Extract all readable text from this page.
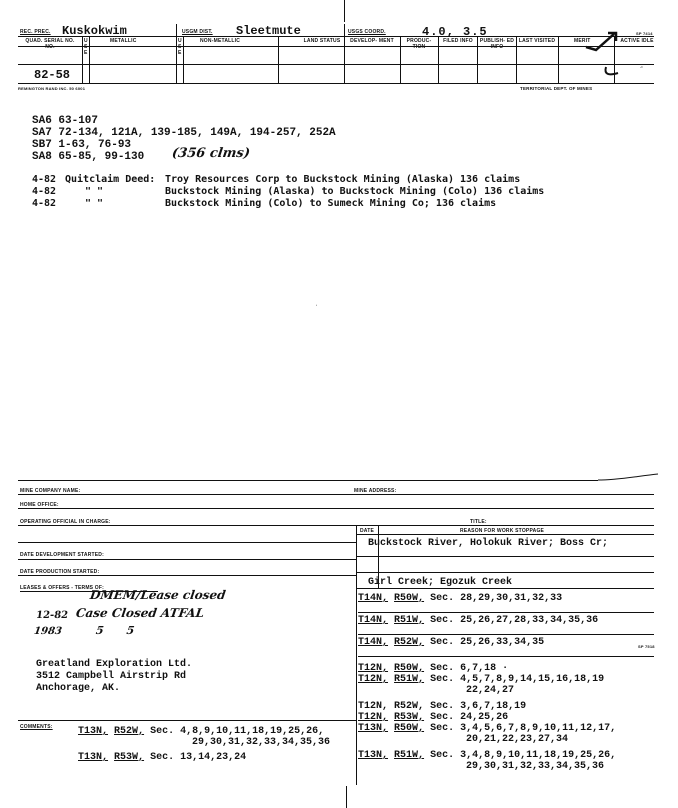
REC. PREC. Kuskokwim	USGM DIST. Sleetmute	USGS COORD.	4.0, 3.5	SP 7414
QUAD. SERIAL NO. NO.
U S E
METALLIC	U S E
NON-METALLIC	LAND STATUS	DEVELOP- MENT	PRODUC- TION
FILED INFO	PUBLISH- ED INFO
LAST VISITED	MERIT	ACTIVE IDLE
.•
82-58
REMINGTON RAND INC. 50 6001	TERRITORIAL DEPT. OF MINES
SA6 63-107
SA7 72-134, 121A, 139-185, 149A, 194-257, 252A
SB7 1-63, 76-93
SA8 65-85, 99-130	(356 clms)
4-82 Quitclaim Deed: Troy Resources Corp to Buckstock Mining (Alaska) 136 claims
4-82	" "	Buckstock Mining (Alaska) to Buckstock Mining (Colo) 136 claims
4-82	" "	Buckstock Mining (Colo) to Sumeck Mining Co; 136 claims
•
MINE COMPANY NAME:	MINE ADDRESS:
HOME OFFICE:
OPERATING OFFICIAL IN CHARGE:	TITLE:
DATE	REASON FOR WORK STOPPAGE
DATE DEVELOPMENT STARTED:
DATE PRODUCTION STARTED:
LEASES & OFFERS - TERMS OF:
DMEM/Lease closed
12-82 Case Closed ATFAL
1983	5      5
Greatland Exploration Ltd.
3512 Campbell Airstrip Rd
Anchorage, AK.
COMMENTS:	T13N, R52W, Sec. 4,8,9,10,11,18,19,25,26,
29,30,31,32,33,34,35,36
T13N, R53W, Sec. 13,14,23,24
Buckstock River, Holokuk River; Boss Cr;
Girl Creek; Egozuk Creek
T14N, R50W, Sec. 28,29,30,31,32,33
T14N, R51W, Sec. 25,26,27,28,33,34,35,36
T14N, R52W, Sec. 25,26,33,34,35
T12N, R50W, Sec. 6,7,18 ·
T12N, R51W, Sec. 4,5,7,8,9,14,15,16,18,19
22,24,27
T12N, R52W, Sec. 3,6,7,18,19
T12N, R53W, Sec. 24,25,26
T13N, R50W, Sec. 3,4,5,6,7,8,9,10,11,12,17,
20,21,22,23,27,34
T13N, R51W, Sec. 3,4,8,9,10,11,18,19,25,26,
29,30,31,32,33,34,35,36
SP 7518
